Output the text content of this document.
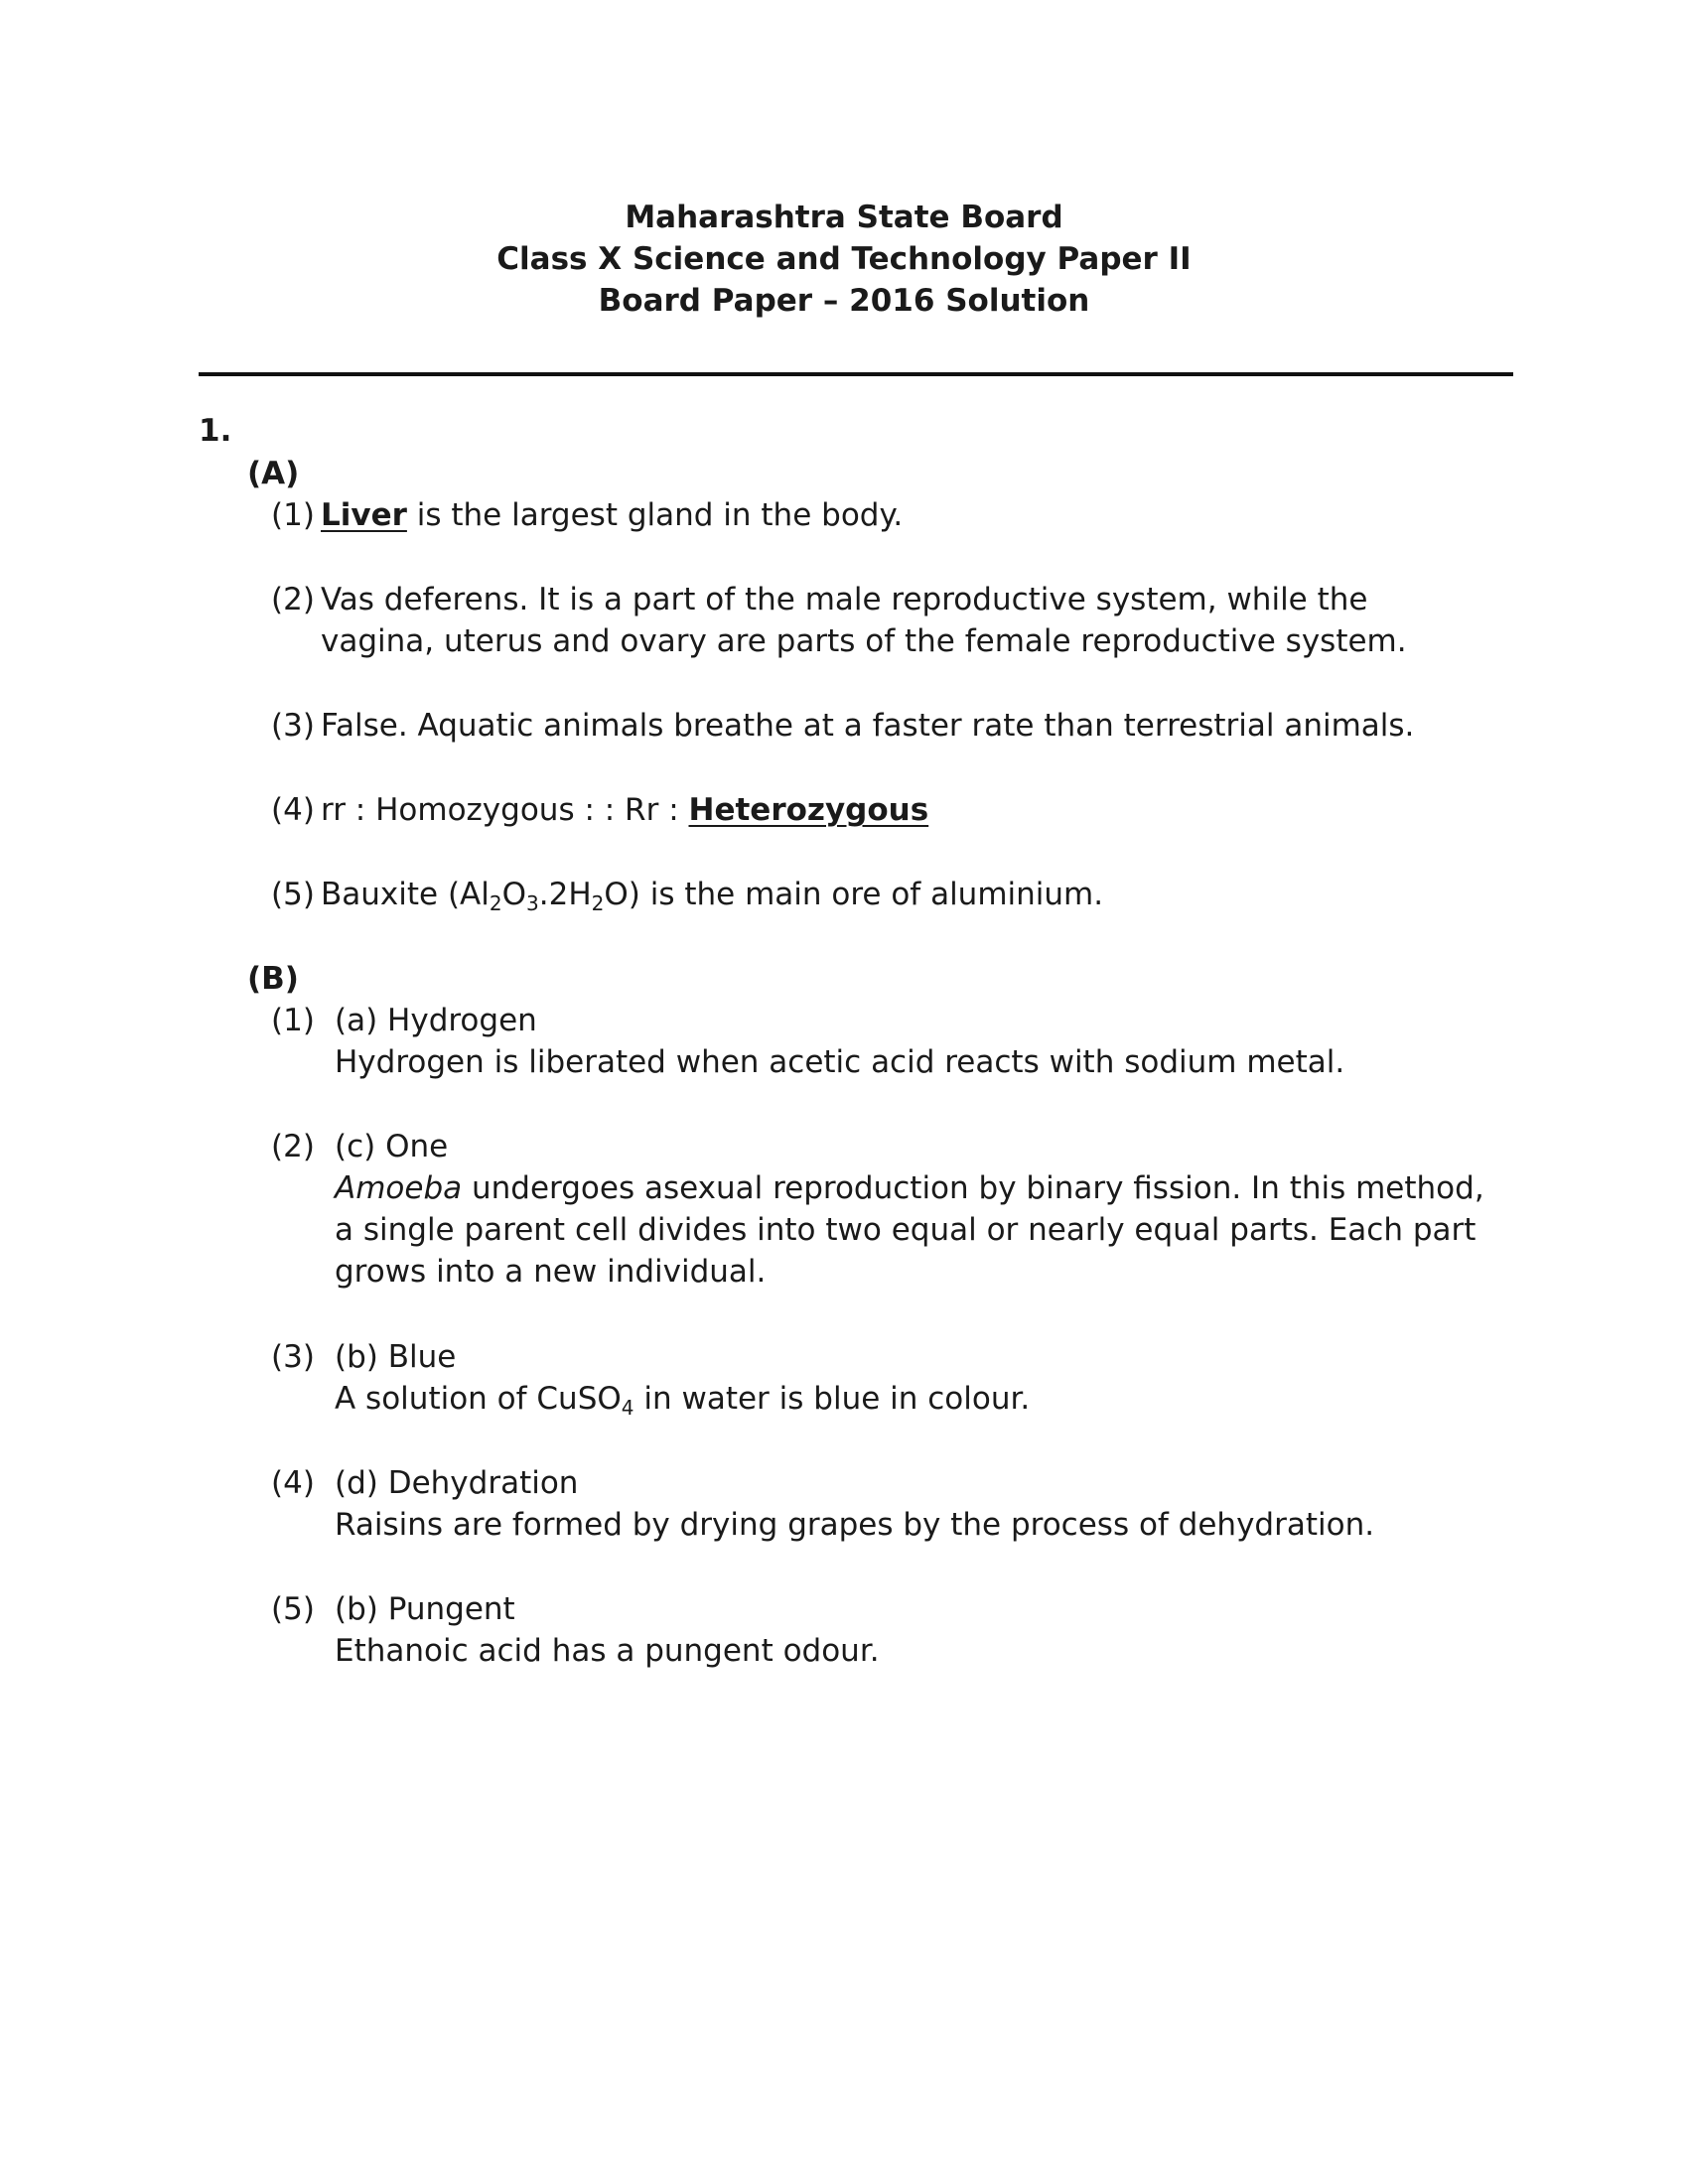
Maharashtra State Board
Class X Science and Technology Paper II
Board Paper – 2016 Solution
1.
(A)
(1) Liver is the largest gland in the body.
(2) Vas deferens. It is a part of the male reproductive system, while the
vagina, uterus and ovary are parts of the female reproductive system.
(3) False. Aquatic animals breathe at a faster rate than terrestrial animals.
(4) rr : Homozygous : : Rr : Heterozygous
(5) Bauxite $(Al_2O_3.2H_2O)$ is the main ore of aluminium.
(B)
(1) (a) Hydrogen
Hydrogen is liberated when acetic acid reacts with sodium metal.
(2) (c) One
Amoeba undergoes asexual reproduction by binary fission. In this method,
a single parent cell divides into two equal or nearly equal parts. Each part
grows into a new individual.
(3) (b) Blue
A solution of CuSO$_4$ in water is blue in colour.
(4) (d) Dehydration
Raisins are formed by drying grapes by the process of dehydration.
(5) (b) Pungent
Ethanoic acid has a pungent odour.
